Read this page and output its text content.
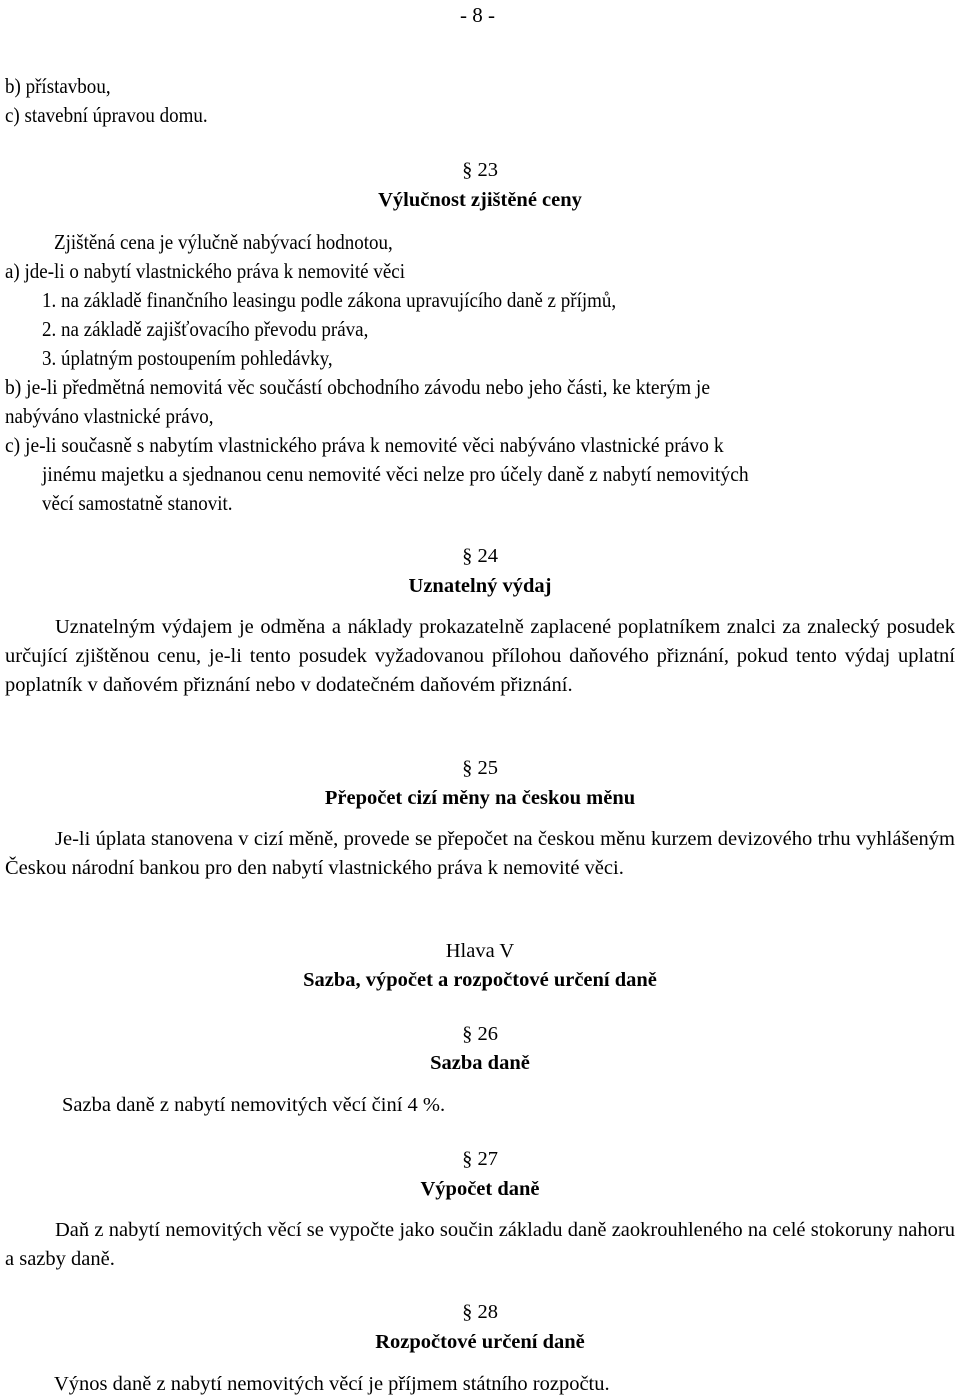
- 8 -
b) přístavbou,
c) stavební úpravou domu.
§ 23
Výlučnost zjištěné ceny
Zjištěná cena je výlučně nabývací hodnotou,
a) jde-li o nabytí vlastnického práva k nemovité věci
1. na základě finančního leasingu podle zákona upravujícího daně z příjmů,
2. na základě zajišťovacího převodu práva,
3. úplatným postoupením pohledávky,
b) je-li předmětná nemovitá věc součástí obchodního závodu nebo jeho části, ke kterým je
nabýváno vlastnické právo,
c) je-li současně s nabytím vlastnického práva k nemovité věci nabýváno vlastnické právo k
jinému majetku a sjednanou cenu nemovité věci nelze pro účely daně z nabytí nemovitých
věcí samostatně stanovit.
§ 24
Uznatelný výdaj
Uznatelným výdajem je odměna a náklady prokazatelně zaplacené poplatníkem znalci za znalecký posudek určující zjištěnou cenu, je-li tento posudek vyžadovanou přílohou daňového přiznání, pokud tento výdaj uplatní poplatník v daňovém přiznání nebo v dodatečném daňovém přiznání.
§ 25
Přepočet cizí měny na českou měnu
Je-li úplata stanovena v cizí měně, provede se přepočet na českou měnu kurzem devizového trhu vyhlášeným Českou národní bankou pro den nabytí vlastnického práva k nemovité věci.
Hlava V
Sazba, výpočet a rozpočtové určení daně
§ 26
Sazba daně
Sazba daně z nabytí nemovitých věcí činí 4 %.
§ 27
Výpočet daně
Daň z nabytí nemovitých věcí se vypočte jako součin základu daně zaokrouhleného na celé stokoruny nahoru a sazby daně.
§ 28
Rozpočtové určení daně
Výnos daně z nabytí nemovitých věcí je příjmem státního rozpočtu.
